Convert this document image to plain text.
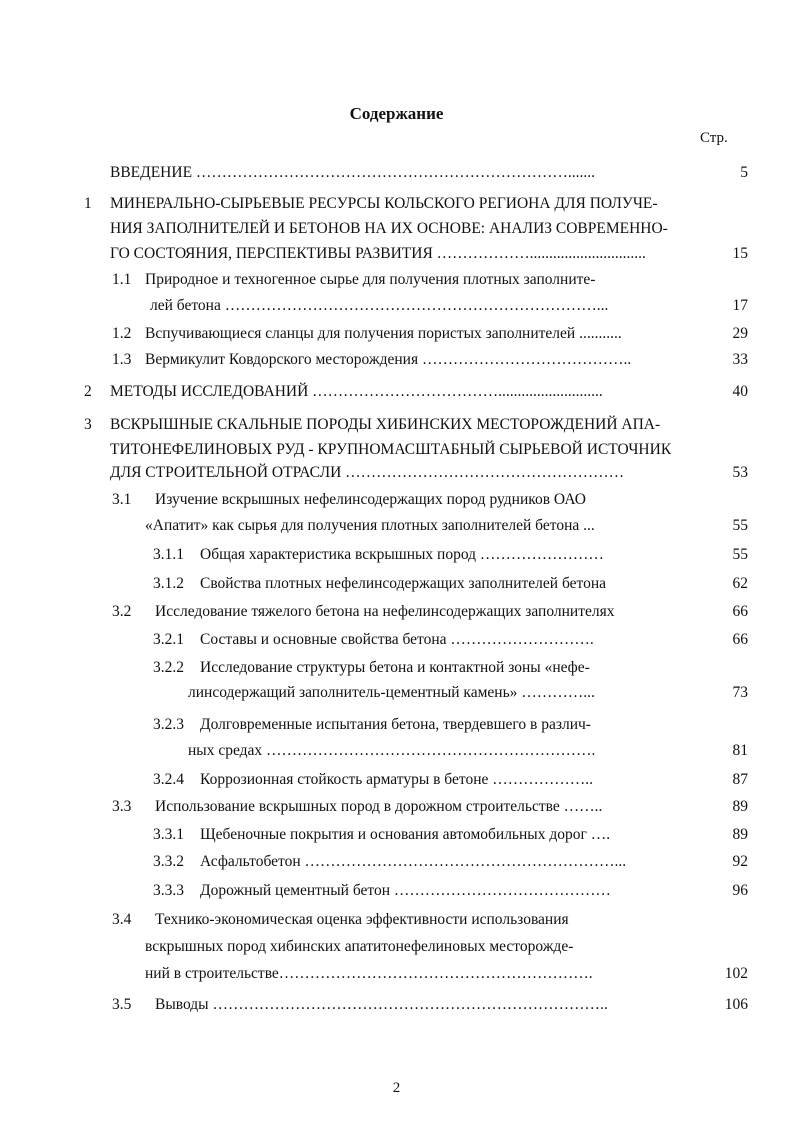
Содержание
Стр.
ВВЕДЕНИЕ ……………………………………………………………….......	5
1 МИНЕРАЛЬНО-СЫРЬЕВЫЕ РЕСУРСЫ КОЛЬСКОГО РЕГИОНА ДЛЯ ПОЛУЧЕ-
НИЯ ЗАПОЛНИТЕЛЕЙ И БЕТОНОВ НА ИХ ОСНОВЕ: АНАЛИЗ СОВРЕМЕННО-
ГО СОСТОЯНИЯ, ПЕРСПЕКТИВЫ РАЗВИТИЯ ………………..............................	15
1.1 Природное и техногенное сырье для получения плотных заполните-
лей бетона ………………………………………………………………...	17
1.2 Вспучивающиеся сланцы для получения пористых заполнителей ...........	29
1.3 Вермикулит Ковдорского месторождения …………………………………..	33
2 МЕТОДЫ ИССЛЕДОВАНИЙ ………………………………...........................	40
3 ВСКРЫШНЫЕ СКАЛЬНЫЕ ПОРОДЫ ХИБИНСКИХ МЕСТОРОЖДЕНИЙ АПА-
ТИТОНЕФЕЛИНОВЫХ РУД - КРУПНОМАСШТАБНЫЙ СЫРЬЕВОЙ ИСТОЧНИК
ДЛЯ СТРОИТЕЛЬНОЙ ОТРАСЛИ ………………………………………………	53
3.1 Изучение вскрышных нефелинсодержащих пород рудников ОАО
«Апатит» как сырья для получения плотных заполнителей бетона ...	55
3.1.1 Общая характеристика вскрышных пород ……………………	55
3.1.2 Свойства плотных нефелинсодержащих заполнителей бетона	62
3.2 Исследование тяжелого бетона на нефелинсодержащих заполнителях	66
3.2.1 Составы и основные свойства бетона ……………………….	66
3.2.2 Исследование структуры бетона и контактной зоны «нефе-
линсодержащий заполнитель-цементный камень» …………...	73
3.2.3 Долговременные испытания бетона, твердевшего в различ-
ных средах ……………………………………………………….	81
3.2.4 Коррозионная стойкость арматуры в бетоне ………………..	87
3.3 Использование вскрышных пород в дорожном строительстве ……..	89
3.3.1 Щебеночные покрытия и основания автомобильных дорог ….	89
3.3.2 Асфальтобетон ……………………………………………………...	92
3.3.3 Дорожный цементный бетон ……………………………………	96
3.4 Технико-экономическая оценка эффективности использования
вскрышных пород хибинских апатитонефелиновых месторожде-
ний в строительстве…………………………………………………….	102
3.5 Выводы …………………………………………………………………..	106
2
